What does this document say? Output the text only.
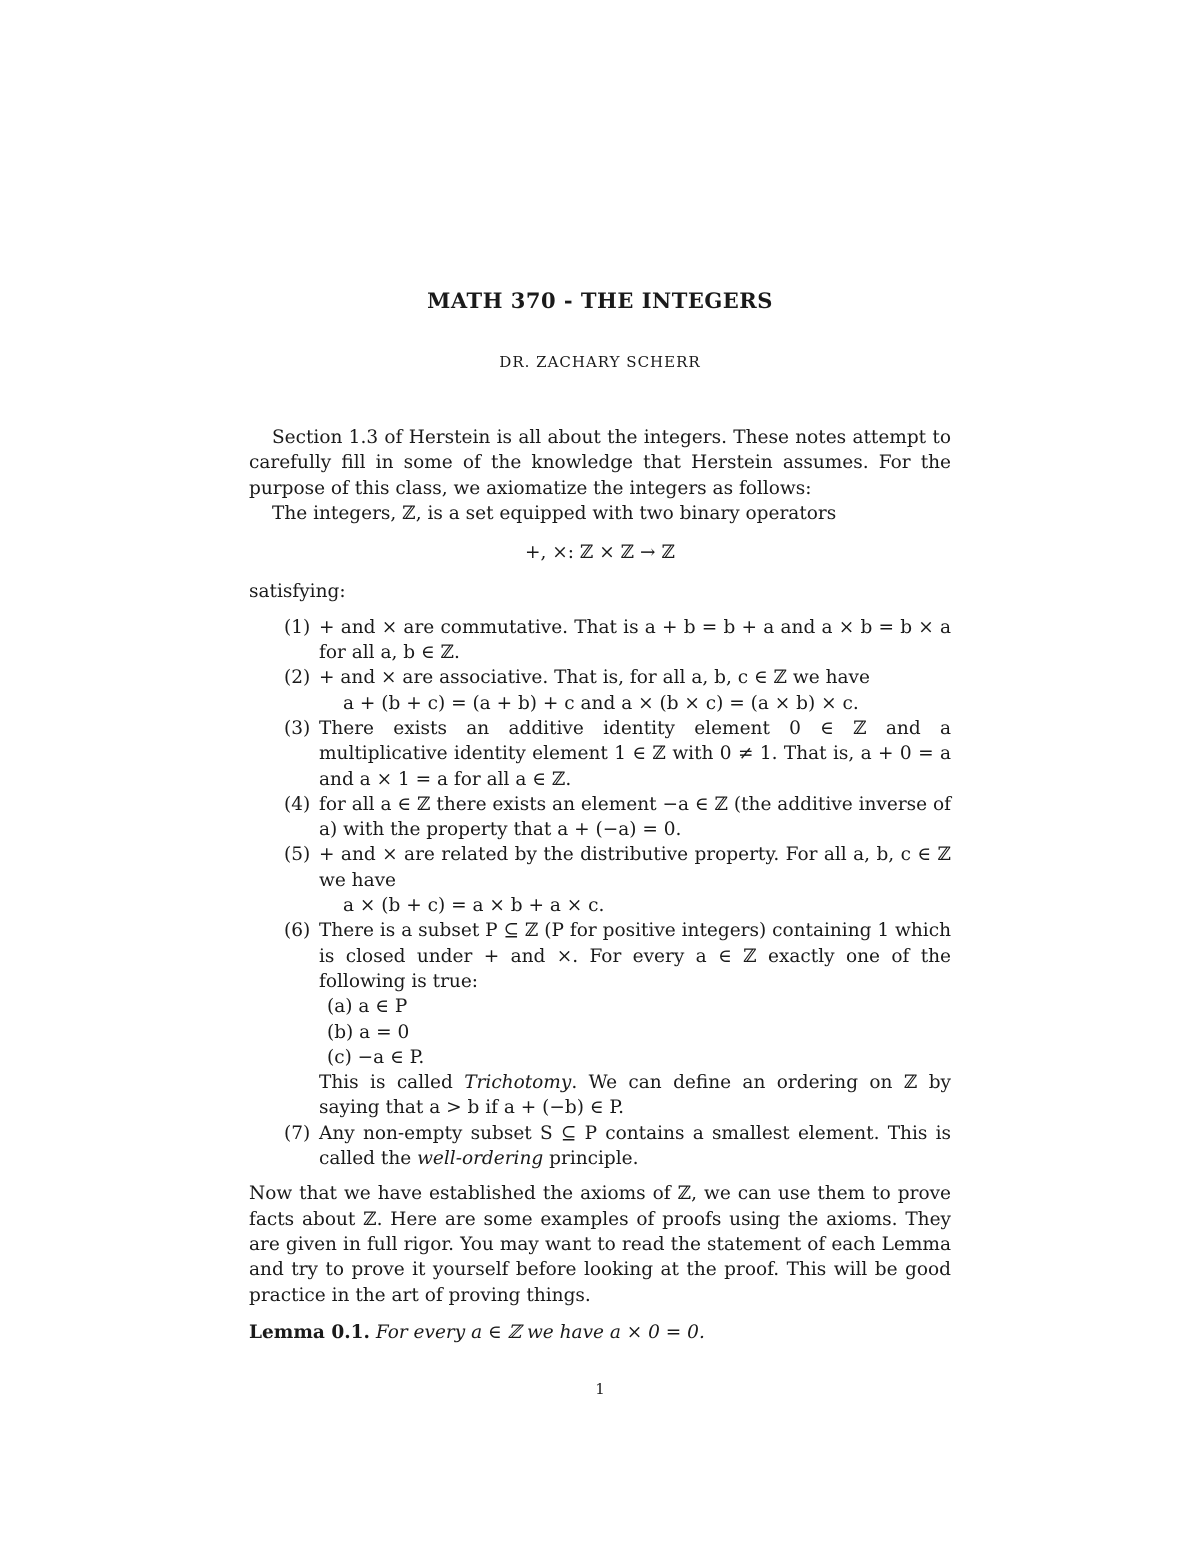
MATH 370 - THE INTEGERS
DR. ZACHARY SCHERR

Section 1.3 of Herstein is all about the integers. These notes attempt to carefully fill in some of the knowledge that Herstein assumes. For the purpose of this class, we axiomatize the integers as follows:

The integers, ℤ, is a set equipped with two binary operators

+, ×: ℤ × ℤ → ℤ

satisfying:

(1) + and × are commutative. That is a + b = b + a and a × b = b × a for all a, b ∈ ℤ.

(2) + and × are associative. That is, for all a, b, c ∈ ℤ we have

a + (b + c) = (a + b) + c and a × (b × c) = (a × b) × c.
(3) There exists an additive identity element 0 ∈ ℤ and a multiplicative identity element 1 ∈ ℤ with 0 ≠ 1. That is, a + 0 = a and a × 1 = a for all a ∈ ℤ.

(4) for all a ∈ ℤ there exists an element −a ∈ ℤ (the additive inverse of a) with the property that a + (−a) = 0.

(5) + and × are related by the distributive property. For all a, b, c ∈ ℤ we have

a × (b + c) = a × b + a × c.
(6) There is a subset P ⊆ ℤ (P for positive integers) containing 1 which is closed under + and ×. For every a ∈ ℤ exactly one of the following is true:

(a) a ∈ P
(b) a = 0
(c) −a ∈ P.

This is called Trichotomy. We can define an ordering on ℤ by saying that a > b if a + (−b) ∈ P.

(7) Any non-empty subset S ⊆ P contains a smallest element. This is called the well-ordering principle.

Now that we have established the axioms of ℤ, we can use them to prove facts about ℤ. Here are some examples of proofs using the axioms. They are given in full rigor. You may want to read the statement of each Lemma and try to prove it yourself before looking at the proof. This will be good practice in the art of proving things.

Lemma 0.1. For every a ∈ ℤ we have a × 0 = 0.

1
